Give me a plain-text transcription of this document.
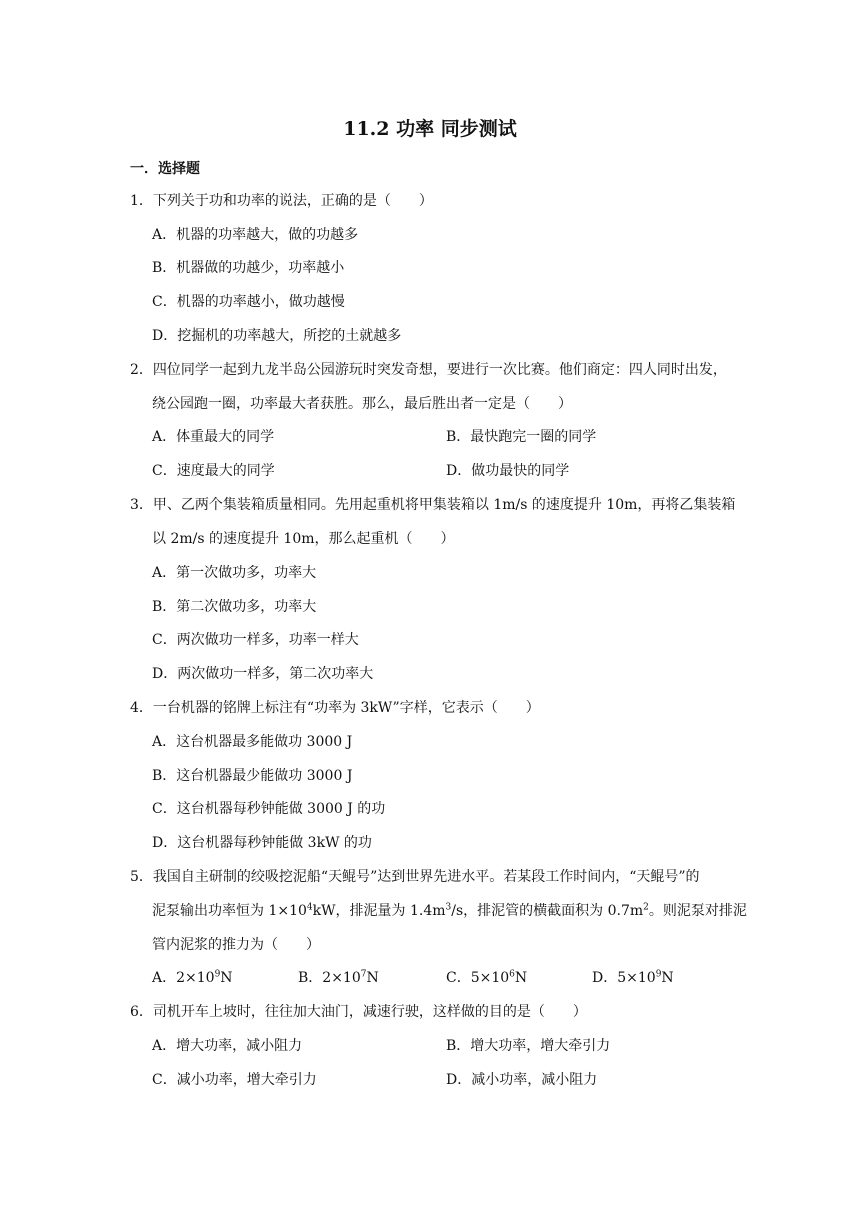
11.2 功率 同步测试
一．选择题
1．下列关于功和功率的说法，正确的是（　　）
A．机器的功率越大，做的功越多
B．机器做的功越少，功率越小
C．机器的功率越小，做功越慢
D．挖掘机的功率越大，所挖的土就越多
2．四位同学一起到九龙半岛公园游玩时突发奇想，要进行一次比赛。他们商定：四人同时出发，
绕公园跑一圈，功率最大者获胜。那么，最后胜出者一定是（　　）
A．体重最大的同学	B．最快跑完一圈的同学
C．速度最大的同学	D．做功最快的同学
3．甲、乙两个集装箱质量相同。先用起重机将甲集装箱以 1m/s 的速度提升 10m，再将乙集装箱
以 2m/s 的速度提升 10m，那么起重机（　　）
A．第一次做功多，功率大
B．第二次做功多，功率大
C．两次做功一样多，功率一样大
D．两次做功一样多，第二次功率大
4．一台机器的铭牌上标注有“功率为 3kW”字样，它表示（　　）
A．这台机器最多能做功 3000 J
B．这台机器最少能做功 3000 J
C．这台机器每秒钟能做 3000 J 的功
D．这台机器每秒钟能做 3kW 的功
5．我国自主研制的绞吸挖泥船“天鲲号”达到世界先进水平。若某段工作时间内，“天鲲号”的
泥泵输出功率恒为 $1\times 10^4kW$，排泥量为 $1.4m^3/s$，排泥管的横截面积为 $0.7m^2$。则泥泵对排泥
管内泥浆的推力为（　　）
A．$2\times 10^9N$	B．$2\times 10^7N$	C．$5\times 10^6N$	D．$5\times 10^9N$
6．司机开车上坡时，往往加大油门，减速行驶，这样做的目的是（　　）
A．增大功率，减小阻力	B．增大功率，增大牵引力
C．减小功率，增大牵引力	D．减小功率，减小阻力
